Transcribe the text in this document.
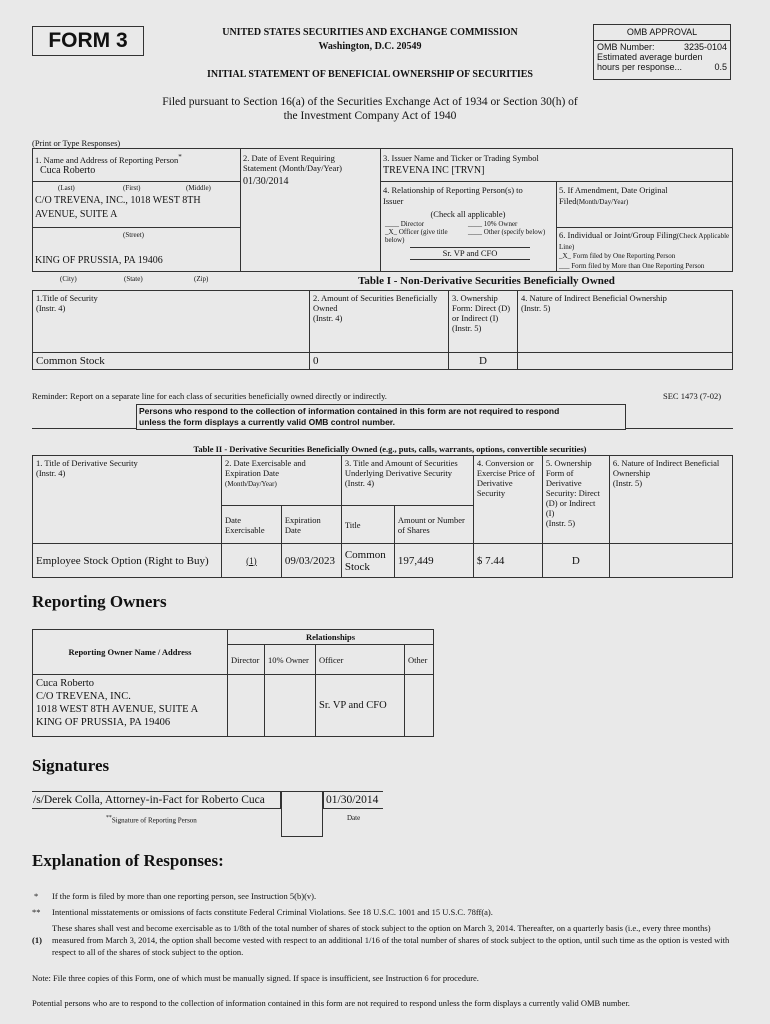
FORM 3	UNITED STATES SECURITIES AND EXCHANGE COMMISSION
Washington, D.C. 20549
INITIAL STATEMENT OF BENEFICIAL OWNERSHIP OF SECURITIES
OMB APPROVAL
OMB Number:	3235-0104
Estimated average burden
hours per response...	0.5
Filed pursuant to Section 16(a) of the Securities Exchange Act of 1934 or Section 30(h) of
the Investment Company Act of 1940
(Print or Type Responses)
1. Name and Address of Reporting Person*
Cuca Roberto
(Last)	(First)	(Middle)
C/O TREVENA, INC., 1018 WEST 8TH
AVENUE, SUITE A
(Street)
KING OF PRUSSIA, PA 19406
(City)	(State)	(Zip)
2. Date of Event Requiring
Statement (Month/Day/Year)
01/30/2014
3. Issuer Name and Ticker or Trading Symbol
TREVENA INC [TRVN]
4. Relationship of Reporting Person(s) to
Issuer
(Check all applicable)
____ Director	____ 10% Owner
_X_ Officer (give title below)
____ Other (specify below)
Sr. VP and CFO
5. If Amendment, Date Original
Filed(Month/Day/Year)
6. Individual or Joint/Group Filing(Check Applicable Line)
_X_ Form filed by One Reporting Person
___ Form filed by More than One Reporting Person
Table I - Non-Derivative Securities Beneficially Owned
1.Title of Security
(Instr. 4)	2. Amount of Securities Beneficially Owned
(Instr. 4)	3. Ownership Form: Direct (D) or Indirect (I)
(Instr. 5)	4. Nature of Indirect Beneficial Ownership
(Instr. 5)
Common Stock	0	D	
Reminder: Report on a separate line for each class of securities beneficially owned directly or indirectly.	SEC 1473 (7-02)
Persons who respond to the collection of information contained in this form are not required to respond
unless the form displays a currently valid OMB control number.
Table II - Derivative Securities Beneficially Owned (e.g., puts, calls, warrants, options, convertible securities)
1. Title of Derivative Security
(Instr. 4)	2. Date Exercisable and Expiration Date
(Month/Day/Year)		3. Title and Amount of Securities Underlying Derivative Security
(Instr. 4)		4. Conversion or Exercise Price of Derivative Security	5. Ownership Form of Derivative Security: Direct (D) or Indirect (I)
(Instr. 5)	6. Nature of Indirect Beneficial Ownership
(Instr. 5)
	Date Exercisable	Expiration Date	Title	Amount or Number of Shares			
Employee Stock Option (Right to Buy)	(1)	09/03/2023	Common Stock	197,449	$ 7.44	D	
Reporting Owners
Reporting Owner Name / Address	Relationships			
	Director	10% Owner	Officer	Other

Cuca Roberto
C/O TREVENA, INC.
1018 WEST 8TH AVENUE, SUITE A
KING OF PRUSSIA, PA 19406			Sr. VP and CFO	
Signatures
/s/Derek Colla, Attorney-in-Fact for Roberto Cuca	01/30/2014
**Signature of Reporting Person	Date
Explanation of Responses:
* If the form is filed by more than one reporting person, see Instruction 5(b)(v).
** Intentional misstatements or omissions of facts constitute Federal Criminal Violations. See 18 U.S.C. 1001 and 15 U.S.C. 78ff(a).
(1)
These shares shall vest and become exercisable as to 1/8th of the total number of shares of stock subject to the option on March 3, 2014. Thereafter, on a quarterly basis (i.e., every three months) measured from March 3, 2014, the option shall become vested with respect to an additional 1/16 of the total number of shares of stock subject to the option, until such time as the option is vested with respect to all of the shares of stock subject to the option.
Note: File three copies of this Form, one of which must be manually signed. If space is insufficient, see Instruction 6 for procedure.
Potential persons who are to respond to the collection of information contained in this form are not required to respond unless the form displays a currently valid OMB number.
